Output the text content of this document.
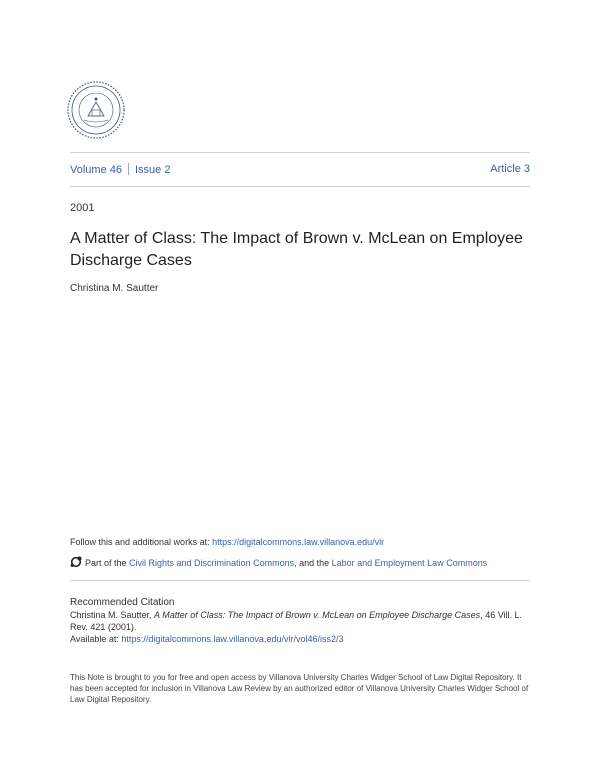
Volume 46 Issue 2	Article 3
2001
A Matter of Class: The Impact of Brown v. McLean on Employee Discharge Cases
Christina M. Sautter
Follow this and additional works at: https://digitalcommons.law.villanova.edu/vlr
Part of the Civil Rights and Discrimination Commons, and the Labor and Employment Law Commons
Recommended Citation
Christina M. Sautter, A Matter of Class: The Impact of Brown v. McLean on Employee Discharge Cases, 46 Vill. L. Rev. 421 (2001).
Available at: https://digitalcommons.law.villanova.edu/vlr/vol46/iss2/3
This Note is brought to you for free and open access by Villanova University Charles Widger School of Law Digital Repository. It has been accepted for inclusion in Villanova Law Review by an authorized editor of Villanova University Charles Widger School of Law Digital Repository.
